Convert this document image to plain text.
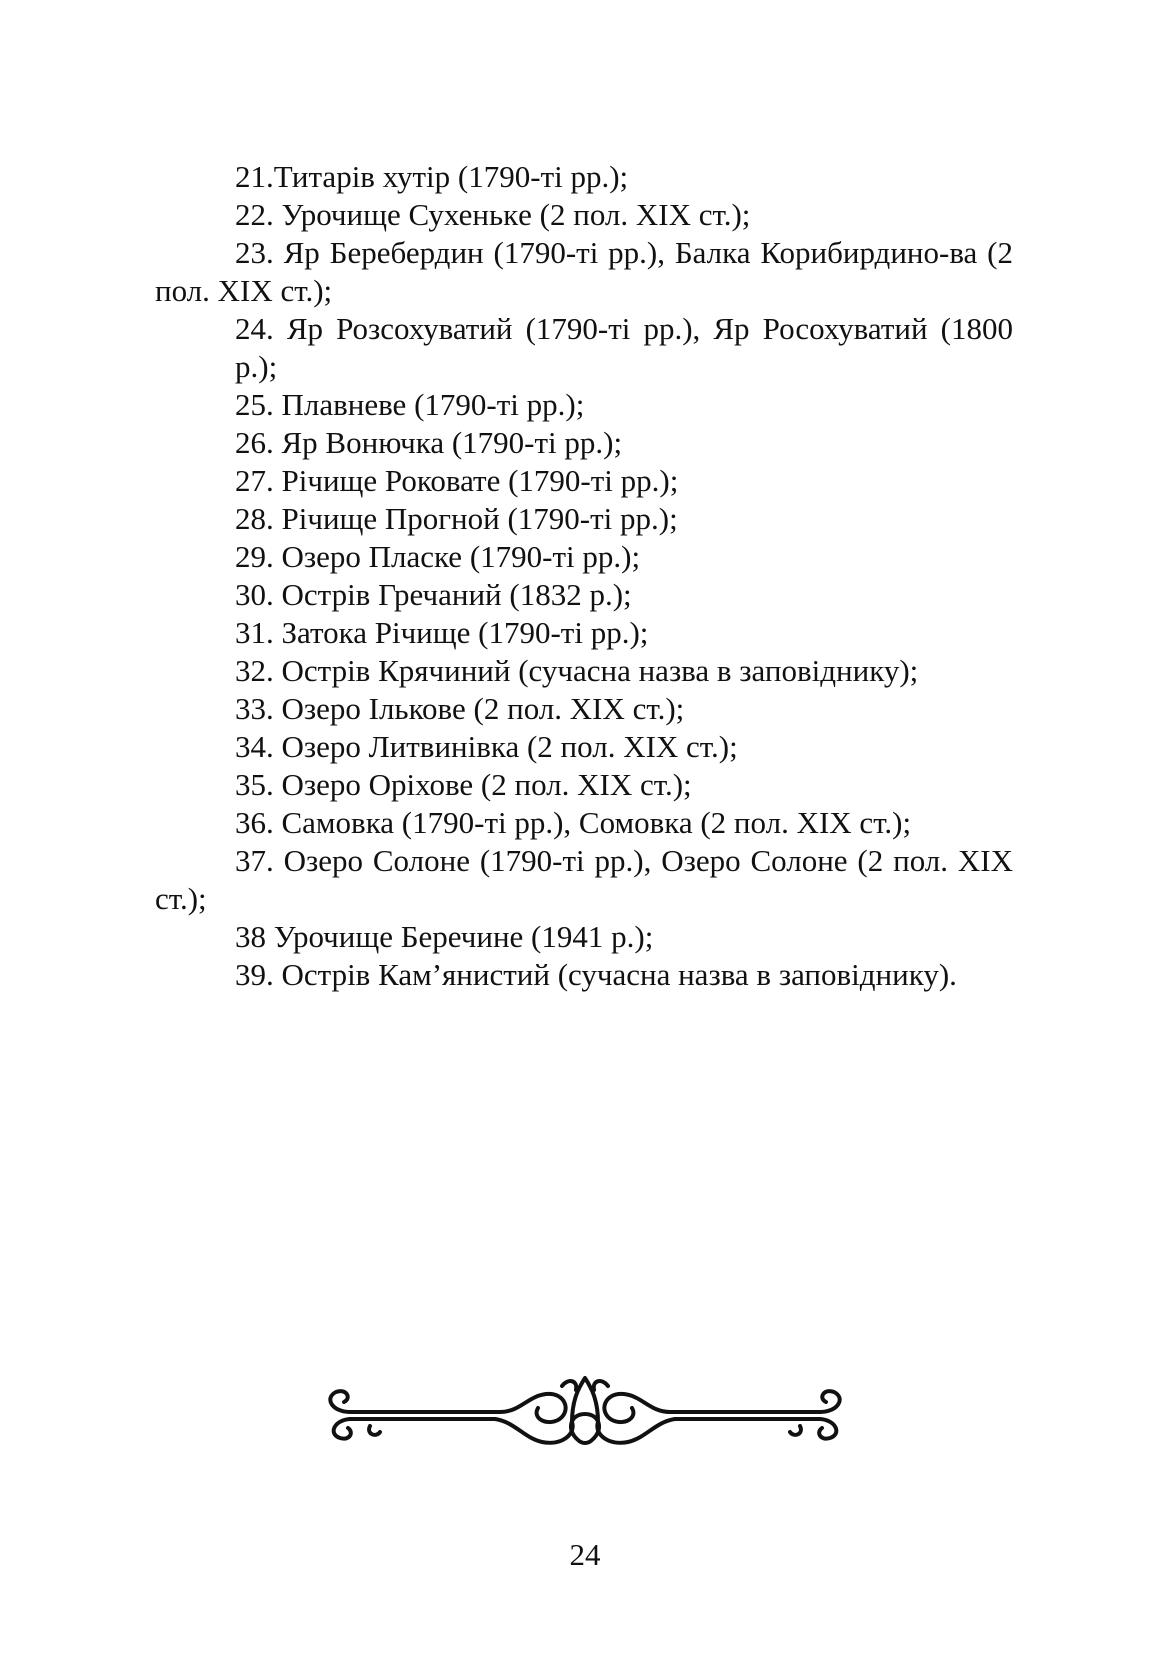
21.Титарів хутір (1790-ті рр.);

22. Урочище Сухенькe (2 пол. XIX ст.);

23. Яр Беребердин (1790-ті рр.), Балка Корибирдино-ва (2 пол. XIX ст.);

24. Яр Розсохуватий (1790-ті рр.), Яр Росохуватий (1800 р.);

25. Плавневе (1790-ті рр.);

26. Яр Вонючка (1790-ті рр.);

27. Річище Роковате (1790-ті рр.);

28. Річище Прогной (1790-ті рр.);

29. Озеро Пласке (1790-ті рр.);

30. Острів Гречаний (1832 р.);

31. Затока Річище (1790-ті рр.);

32. Острів Крячиний (сучасна назва в заповіднику);

33. Озеро Ількове (2 пол. XIX ст.);

34. Озеро Литвинівка (2 пол. XIX ст.);

35. Озеро Оріхове (2 пол. XIX ст.);

36. Самовка (1790-ті рр.), Сомовка (2 пол. XIX ст.);

37. Озеро Солоне (1790-ті рр.), Озеро Солоне (2 пол. XIX ст.);

38 Урочище Беречине (1941 р.);

39. Острів Кам’янистий (сучасна назва в заповіднику).

24
